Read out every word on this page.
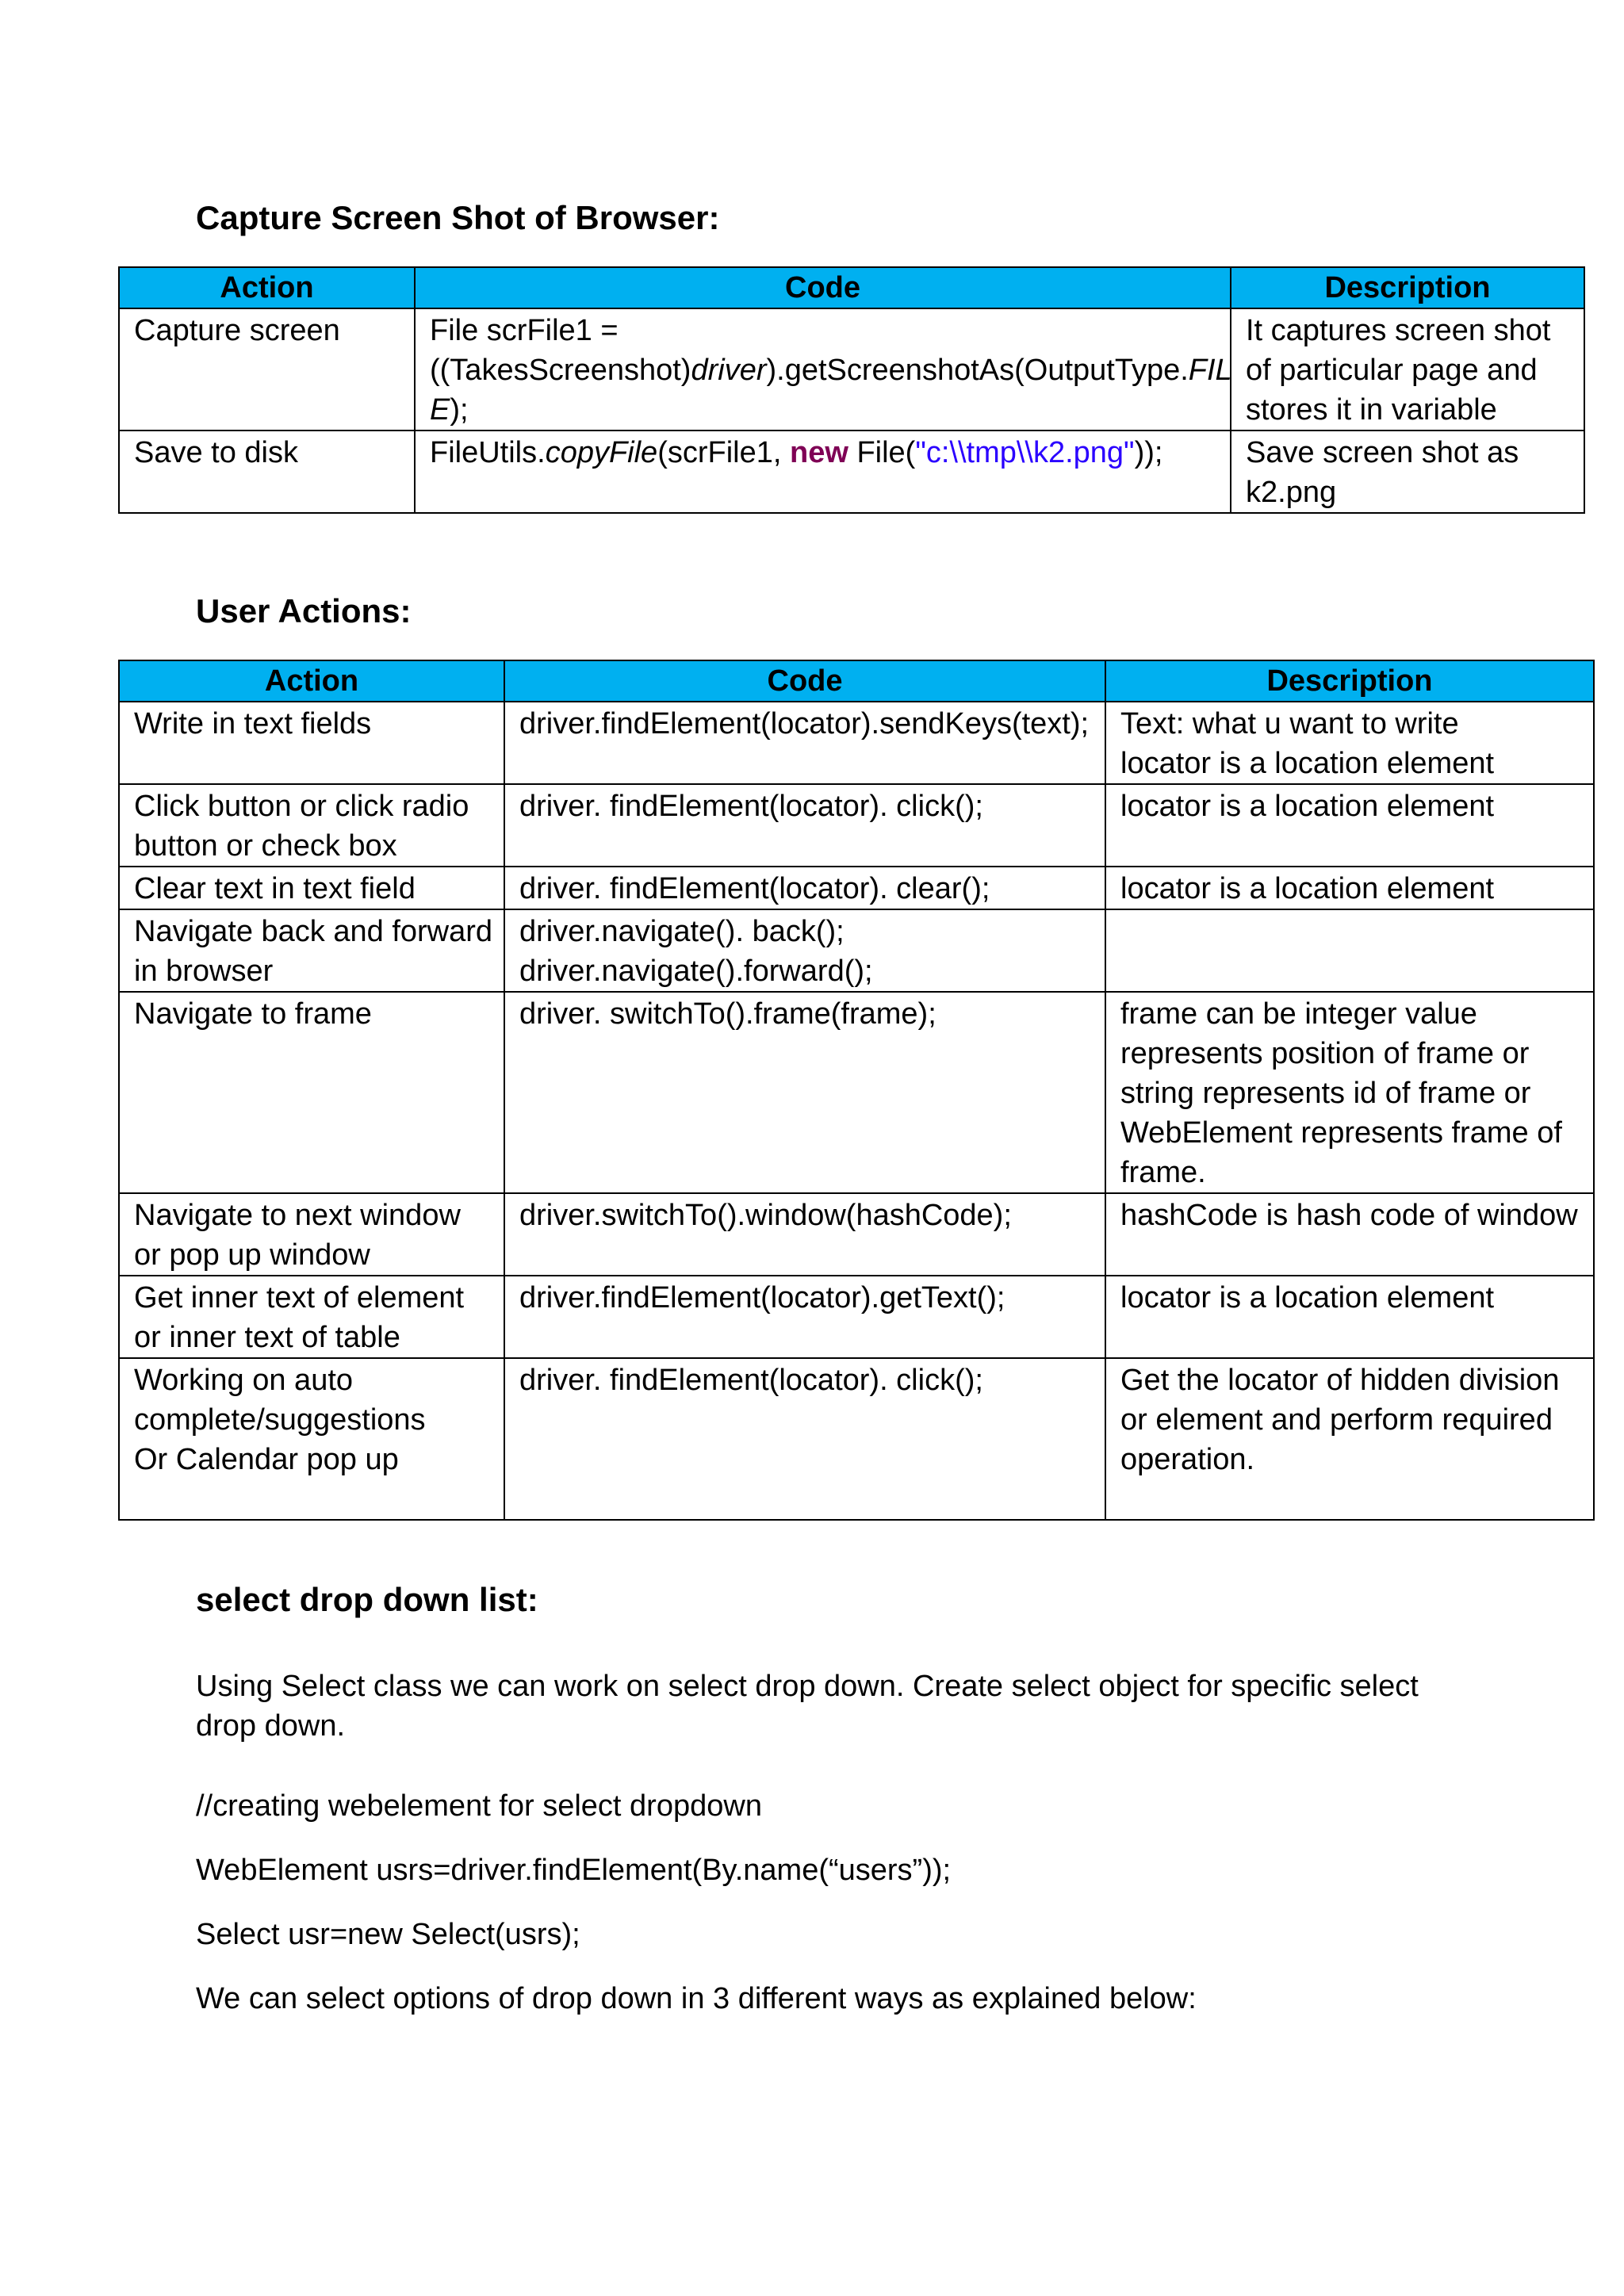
Capture Screen Shot of Browser:
Action	Code	Description

Capture screen	File scrFile1 =
((TakesScreenshot)driver).getScreenshotAs(OutputType.FIL
E);	It captures screen shot
of particular page and
stores it in variable

Save to disk	FileUtils.copyFile(scrFile1, new File("c:\\tmp\\k2.png"));	Save screen shot as
k2.png
User Actions:
Action	Code	Description

Write in text fields	driver.findElement(locator).sendKeys(text);	Text: what u want to write
locator is a location element

Click button or click radio
button or check box	driver. findElement(locator). click();	locator is a location element

Clear text in text field	driver. findElement(locator). clear();	locator is a location element

Navigate back and forward
in browser	driver.navigate(). back();
driver.navigate().forward();	

Navigate to frame	driver. switchTo().frame(frame);	frame can be integer value
represents position of frame or
string represents id of frame or
WebElement represents frame of
frame.

Navigate to next window
or pop up window	driver.switchTo().window(hashCode);	hashCode is hash code of window

Get inner text of element
or inner text of table	driver.findElement(locator).getText();	locator is a location element

Working on auto
complete/suggestions
Or Calendar pop up	driver. findElement(locator). click();	Get the locator of hidden division
or element and perform required
operation.
select drop down list:
Using Select class we can work on select drop down. Create select object for specific select
drop down.
//creating webelement for select dropdown
WebElement usrs=driver.findElement(By.name(“users”));
Select usr=new Select(usrs);
We can select options of drop down in 3 different ways as explained below:
